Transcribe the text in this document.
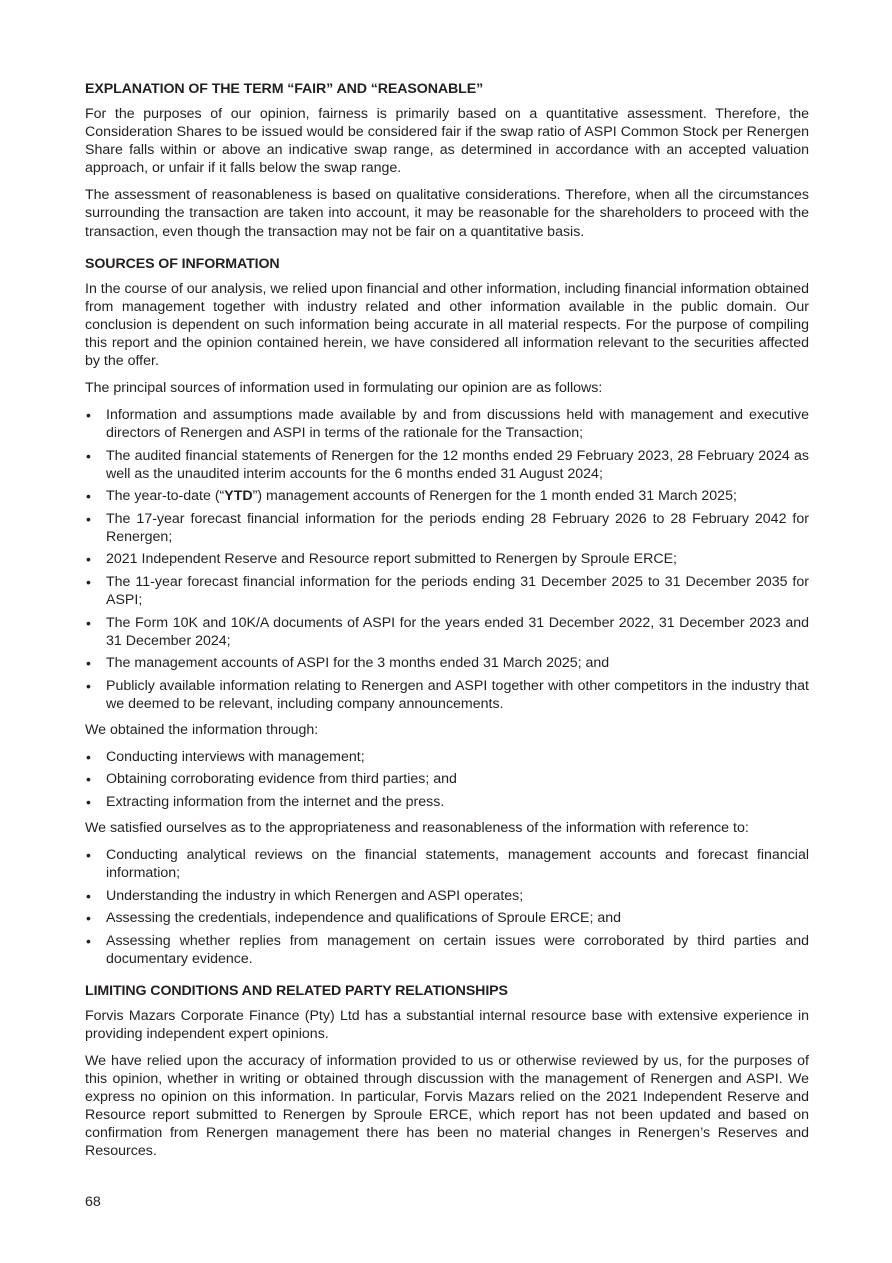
EXPLANATION OF THE TERM “FAIR” AND “REASONABLE”

For the purposes of our opinion, fairness is primarily based on a quantitative assessment. Therefore, the Consideration Shares to be issued would be considered fair if the swap ratio of ASPI Common Stock per Renergen Share falls within or above an indicative swap range, as determined in accordance with an accepted valuation approach, or unfair if it falls below the swap range.

The assessment of reasonableness is based on qualitative considerations. Therefore, when all the circumstances surrounding the transaction are taken into account, it may be reasonable for the shareholders to proceed with the transaction, even though the transaction may not be fair on a quantitative basis.

SOURCES OF INFORMATION

In the course of our analysis, we relied upon financial and other information, including financial information obtained from management together with industry related and other information available in the public domain. Our conclusion is dependent on such information being accurate in all material respects. For the purpose of compiling this report and the opinion contained herein, we have considered all information relevant to the securities affected by the offer.

The principal sources of information used in formulating our opinion are as follows:

• Information and assumptions made available by and from discussions held with management and executive directors of Renergen and ASPI in terms of the rationale for the Transaction;
• The audited financial statements of Renergen for the 12 months ended 29 February 2023, 28 February 2024 as well as the unaudited interim accounts for the 6 months ended 31 August 2024;
• The year-to-date (“YTD”) management accounts of Renergen for the 1 month ended 31 March 2025;
• The 17-year forecast financial information for the periods ending 28 February 2026 to 28 February 2042 for Renergen;
• 2021 Independent Reserve and Resource report submitted to Renergen by Sproule ERCE;
• The 11-year forecast financial information for the periods ending 31 December 2025 to 31 December 2035 for ASPI;
• The Form 10K and 10K/A documents of ASPI for the years ended 31 December 2022, 31 December 2023 and 31 December 2024;
• The management accounts of ASPI for the 3 months ended 31 March 2025; and
• Publicly available information relating to Renergen and ASPI together with other competitors in the industry that we deemed to be relevant, including company announcements.

We obtained the information through:

• Conducting interviews with management;
• Obtaining corroborating evidence from third parties; and
• Extracting information from the internet and the press.

We satisfied ourselves as to the appropriateness and reasonableness of the information with reference to:

• Conducting analytical reviews on the financial statements, management accounts and forecast financial information;
• Understanding the industry in which Renergen and ASPI operates;
• Assessing the credentials, independence and qualifications of Sproule ERCE; and
• Assessing whether replies from management on certain issues were corroborated by third parties and documentary evidence.
LIMITING CONDITIONS AND RELATED PARTY RELATIONSHIPS

Forvis Mazars Corporate Finance (Pty) Ltd has a substantial internal resource base with extensive experience in providing independent expert opinions.

We have relied upon the accuracy of information provided to us or otherwise reviewed by us, for the purposes of this opinion, whether in writing or obtained through discussion with the management of Renergen and ASPI. We express no opinion on this information. In particular, Forvis Mazars relied on the 2021 Independent Reserve and Resource report submitted to Renergen by Sproule ERCE, which report has not been updated and based on confirmation from Renergen management there has been no material changes in Renergen’s Reserves and Resources.

68
